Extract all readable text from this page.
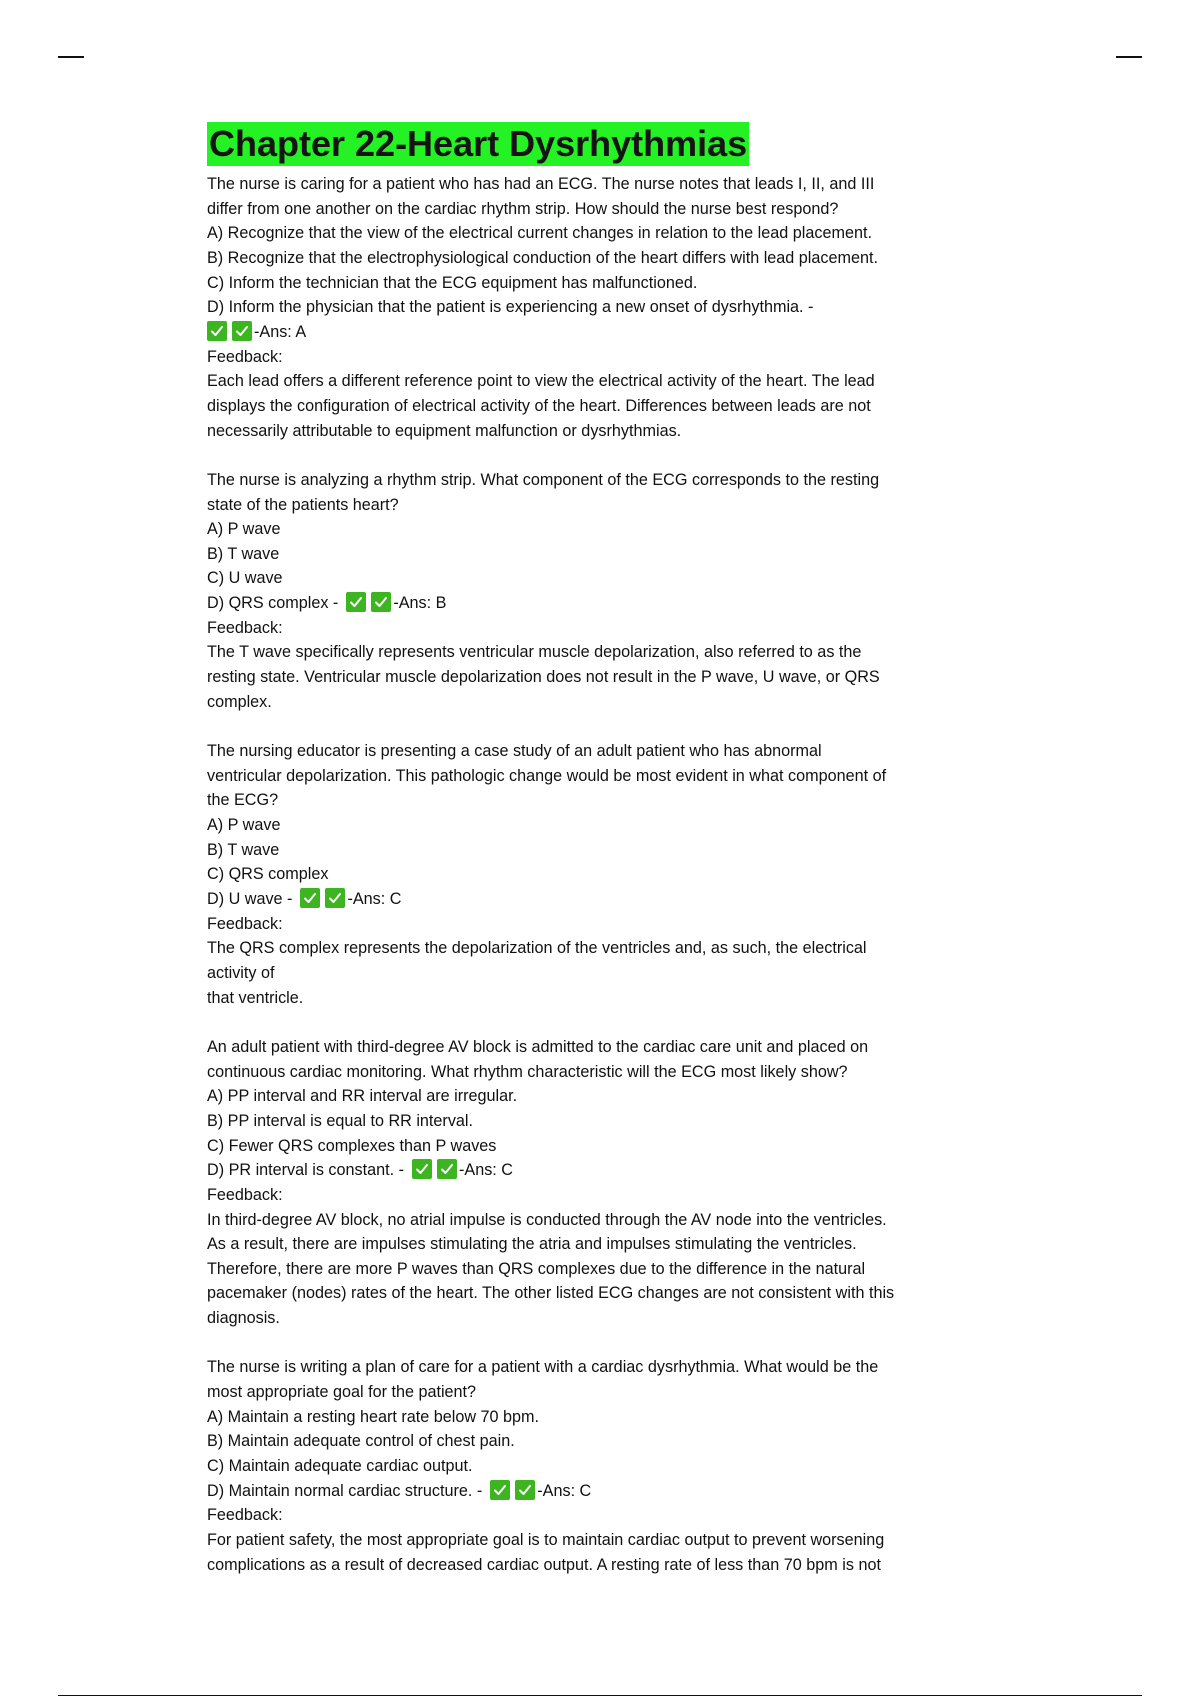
Chapter 22-Heart Dysrhythmias
The nurse is caring for a patient who has had an ECG. The nurse notes that leads I, II, and III
differ from one another on the cardiac rhythm strip. How should the nurse best respond?
A) Recognize that the view of the electrical current changes in relation to the lead placement.
B) Recognize that the electrophysiological conduction of the heart differs with lead placement.
C) Inform the technician that the ECG equipment has malfunctioned.
D) Inform the physician that the patient is experiencing a new onset of dysrhythmia. -
-Ans: A
Feedback:
Each lead offers a different reference point to view the electrical activity of the heart. The lead
displays the configuration of electrical activity of the heart. Differences between leads are not
necessarily attributable to equipment malfunction or dysrhythmias.
The nurse is analyzing a rhythm strip. What component of the ECG corresponds to the resting
state of the patients heart?
A) P wave
B) T wave
C) U wave
D) QRS complex -	-Ans: B
Feedback:
The T wave specifically represents ventricular muscle depolarization, also referred to as the
resting state. Ventricular muscle depolarization does not result in the P wave, U wave, or QRS
complex.
The nursing educator is presenting a case study of an adult patient who has abnormal
ventricular depolarization. This pathologic change would be most evident in what component of
the ECG?
A) P wave
B) T wave
C) QRS complex
D) U wave -	-Ans: C
Feedback:
The QRS complex represents the depolarization of the ventricles and, as such, the electrical
activity of
that ventricle.
An adult patient with third-degree AV block is admitted to the cardiac care unit and placed on
continuous cardiac monitoring. What rhythm characteristic will the ECG most likely show?
A) PP interval and RR interval are irregular.
B) PP interval is equal to RR interval.
C) Fewer QRS complexes than P waves
D) PR interval is constant. -	-Ans: C
Feedback:
In third-degree AV block, no atrial impulse is conducted through the AV node into the ventricles.
As a result, there are impulses stimulating the atria and impulses stimulating the ventricles.
Therefore, there are more P waves than QRS complexes due to the difference in the natural
pacemaker (nodes) rates of the heart. The other listed ECG changes are not consistent with this
diagnosis.
The nurse is writing a plan of care for a patient with a cardiac dysrhythmia. What would be the
most appropriate goal for the patient?
A) Maintain a resting heart rate below 70 bpm.
B) Maintain adequate control of chest pain.
C) Maintain adequate cardiac output.
D) Maintain normal cardiac structure. -	-Ans: C
Feedback:
For patient safety, the most appropriate goal is to maintain cardiac output to prevent worsening
complications as a result of decreased cardiac output. A resting rate of less than 70 bpm is not
